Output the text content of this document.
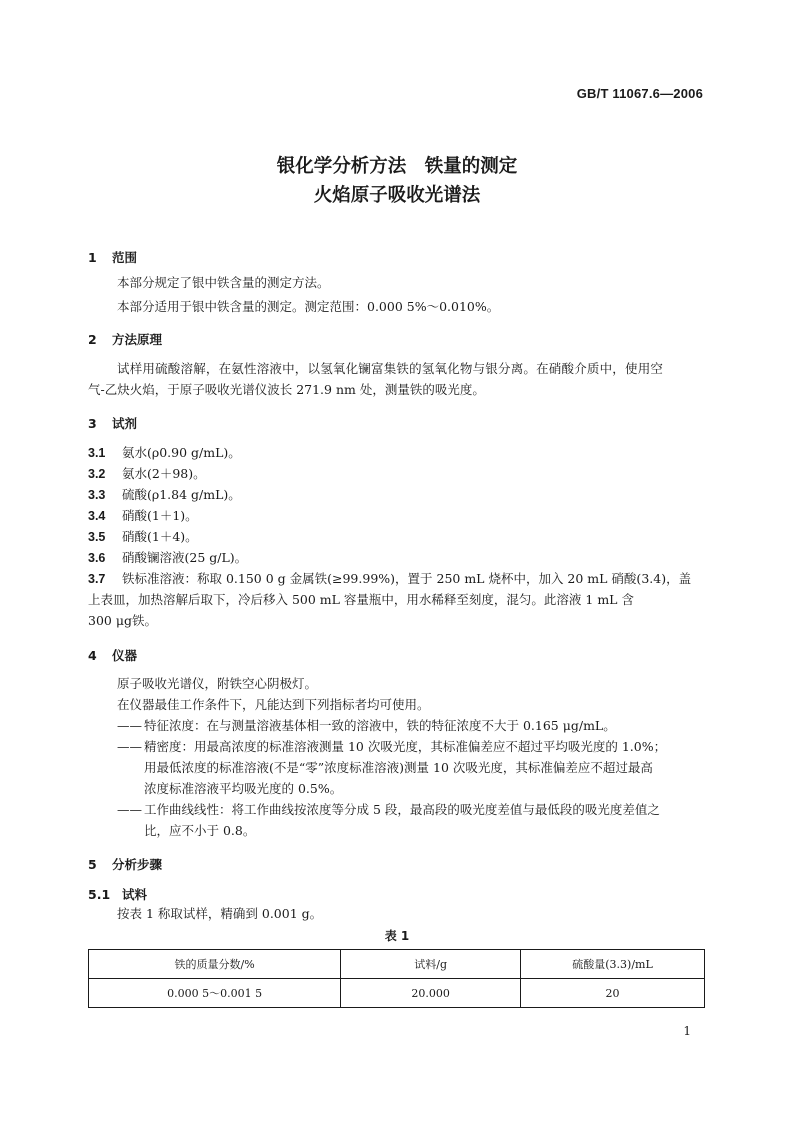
GB/T 11067.6—2006
银化学分析方法　铁量的测定
火焰原子吸收光谱法
1 范围
本部分规定了银中铁含量的测定方法。
本部分适用于银中铁含量的测定。测定范围：0.000 5%～0.010%。
2 方法原理
试样用硫酸溶解，在氨性溶液中，以氢氧化镧富集铁的氢氧化物与银分离。在硝酸介质中，使用空
气-乙炔火焰，于原子吸收光谱仪波长 271.9 nm 处，测量铁的吸光度。
3 试剂
3.1 氨水(ρ0.90 g/mL)。
3.2 氨水(2＋98)。
3.3 硫酸(ρ1.84 g/mL)。
3.4 硝酸(1＋1)。
3.5 硝酸(1＋4)。
3.6 硝酸镧溶液(25 g/L)。
3.7 铁标准溶液：称取 0.150 0 g 金属铁(≥99.99%)，置于 250 mL 烧杯中，加入 20 mL 硝酸(3.4)，盖
上表皿，加热溶解后取下，冷后移入 500 mL 容量瓶中，用水稀释至刻度，混匀。此溶液 1 mL 含
300 μg铁。
4 仪器
原子吸收光谱仪，附铁空心阴极灯。
在仪器最佳工作条件下，凡能达到下列指标者均可使用。
—— 特征浓度：在与测量溶液基体相一致的溶液中，铁的特征浓度不大于 0.165 μg/mL。
—— 精密度：用最高浓度的标准溶液测量 10 次吸光度，其标准偏差应不超过平均吸光度的 1.0%；
用最低浓度的标准溶液(不是“零”浓度标准溶液)测量 10 次吸光度，其标准偏差应不超过最高
浓度标准溶液平均吸光度的 0.5%。
—— 工作曲线线性：将工作曲线按浓度等分成 5 段，最高段的吸光度差值与最低段的吸光度差值之
比，应不小于 0.8。
5 分析步骤
5.1 试料
按表 1 称取试样，精确到 0.001 g。
表 1
铁的质量分数/%	试料/g	硫酸量(3.3)/mL
0.000 5～0.001 5	20.000	20
1
